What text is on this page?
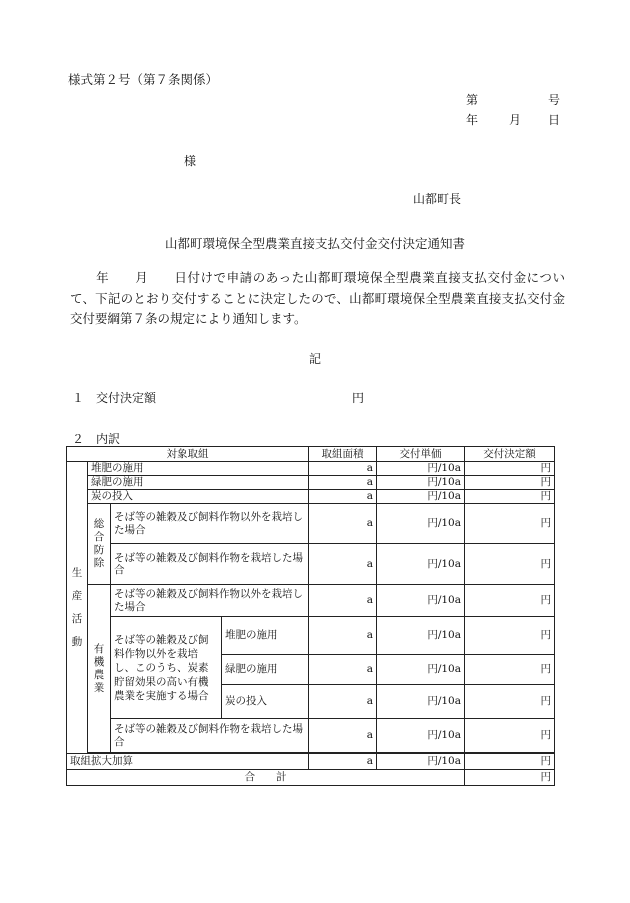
様式第２号（第７条関係）
第	号
年	月 日
様
山都町長
山都町環境保全型農業直接支払交付金交付決定通知書
　　年　　月　　日付けで申請のあった山都町環境保全型農業直接支払交付金について、下記のとおり交付することに決定したので、山都町環境保全型農業直接支払交付金交付要綱第７条の規定により通知します。
記
１　交付決定額	円
２　内訳
対象取組				取組面積	交付単価	交付決定額

生
産
活
動	堆肥の施用			a	円/10a	円
	緑肥の施用			a	円/10a	円
	炭の投入			a	円/10a	円

	総
合
防
除	そば等の雑穀及び飼料作物以外を栽培した場合		a	円/10a	円
		そば等の雑穀及び飼料作物を栽培した場合		a	円/10a	円

	有
機
農
業	そば等の雑穀及び飼料作物以外を栽培した場合		a	円/10a	円
		そば等の雑穀及び飼料作物以外を栽培し、このうち、炭素貯留効果の高い有機農業を実施する場合	堆肥の施用	a	円/10a	円
			緑肥の施用	a	円/10a	円
			炭の投入	a	円/10a	円
		そば等の雑穀及び飼料作物を栽培した場合		a	円/10a	円

取組拡大加算				a	円/10a	円
合　　計						円
